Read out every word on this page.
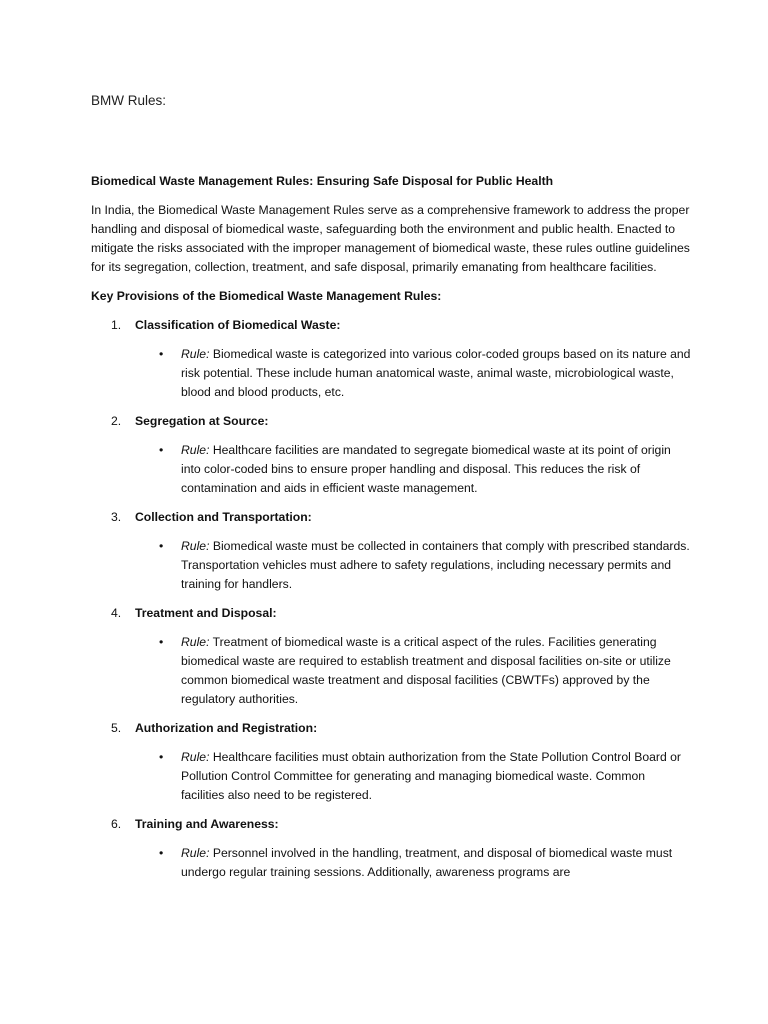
BMW Rules:

Biomedical Waste Management Rules: Ensuring Safe Disposal for Public Health

In India, the Biomedical Waste Management Rules serve as a comprehensive framework to address the proper handling and disposal of biomedical waste, safeguarding both the environment and public health. Enacted to mitigate the risks associated with the improper management of biomedical waste, these rules outline guidelines for its segregation, collection, treatment, and safe disposal, primarily emanating from healthcare facilities.

Key Provisions of the Biomedical Waste Management Rules:

1. Classification of Biomedical Waste:
• Rule: Biomedical waste is categorized into various color-coded groups based on its nature and risk potential. These include human anatomical waste, animal waste, microbiological waste, blood and blood products, etc.
2. Segregation at Source:
• Rule: Healthcare facilities are mandated to segregate biomedical waste at its point of origin into color-coded bins to ensure proper handling and disposal. This reduces the risk of contamination and aids in efficient waste management.
3. Collection and Transportation:
• Rule: Biomedical waste must be collected in containers that comply with prescribed standards. Transportation vehicles must adhere to safety regulations, including necessary permits and training for handlers.
4. Treatment and Disposal:
• Rule: Treatment of biomedical waste is a critical aspect of the rules. Facilities generating biomedical waste are required to establish treatment and disposal facilities on-site or utilize common biomedical waste treatment and disposal facilities (CBWTFs) approved by the regulatory authorities.
5. Authorization and Registration:
• Rule: Healthcare facilities must obtain authorization from the State Pollution Control Board or Pollution Control Committee for generating and managing biomedical waste. Common facilities also need to be registered.
6. Training and Awareness:
• Rule: Personnel involved in the handling, treatment, and disposal of biomedical waste must undergo regular training sessions. Additionally, awareness programs are
